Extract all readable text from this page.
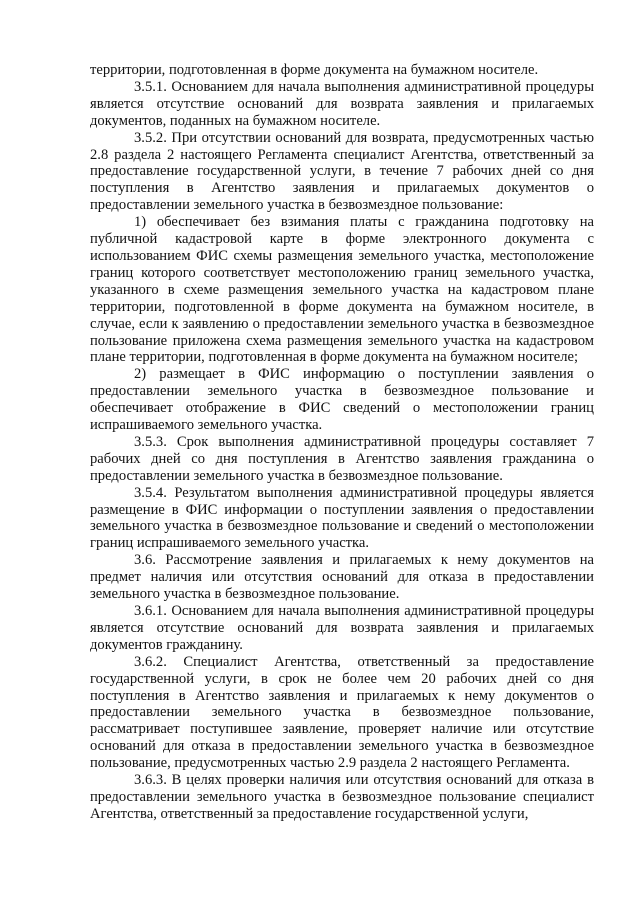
территории, подготовленная в форме документа на бумажном носителе.

3.5.1. Основанием для начала выполнения административной процедуры является отсутствие оснований для возврата заявления и прилагаемых документов, поданных на бумажном носителе.

3.5.2. При отсутствии оснований для возврата, предусмотренных частью 2.8 раздела 2 настоящего Регламента специалист Агентства, ответственный за предоставление государственной услуги, в течение 7 рабочих дней со дня поступления в Агентство заявления и прилагаемых документов о предоставлении земельного участка в безвозмездное пользование:

1) обеспечивает без взимания платы с гражданина подготовку на публичной кадастровой карте в форме электронного документа с использованием ФИС схемы размещения земельного участка, местоположение границ которого соответствует местоположению границ земельного участка, указанного в схеме размещения земельного участка на кадастровом плане территории, подготовленной в форме документа на бумажном носителе, в случае, если к заявлению о предоставлении земельного участка в безвозмездное пользование приложена схема размещения земельного участка на кадастровом плане территории, подготовленная в форме документа на бумажном носителе;

2) размещает в ФИС информацию о поступлении заявления о предоставлении земельного участка в безвозмездное пользование и обеспечивает отображение в ФИС сведений о местоположении границ испрашиваемого земельного участка.

3.5.3. Срок выполнения административной процедуры составляет 7 рабочих дней со дня поступления в Агентство заявления гражданина о предоставлении земельного участка в безвозмездное пользование.

3.5.4. Результатом выполнения административной процедуры является размещение в ФИС информации о поступлении заявления о предоставлении земельного участка в безвозмездное пользование и сведений о местоположении границ испрашиваемого земельного участка.

3.6. Рассмотрение заявления и прилагаемых к нему документов на предмет наличия или отсутствия оснований для отказа в предоставлении земельного участка в безвозмездное пользование.

3.6.1. Основанием для начала выполнения административной процедуры является отсутствие оснований для возврата заявления и прилагаемых документов гражданину.

3.6.2. Специалист Агентства, ответственный за предоставление государственной услуги, в срок не более чем 20 рабочих дней со дня поступления в Агентство заявления и прилагаемых к нему документов о предоставлении земельного участка в безвозмездное пользование, рассматривает поступившее заявление, проверяет наличие или отсутствие оснований для отказа в предоставлении земельного участка в безвозмездное пользование, предусмотренных частью 2.9 раздела 2 настоящего Регламента.

3.6.3. В целях проверки наличия или отсутствия оснований для отказа в предоставлении земельного участка в безвозмездное пользование специалист Агентства, ответственный за предоставление государственной услуги,
